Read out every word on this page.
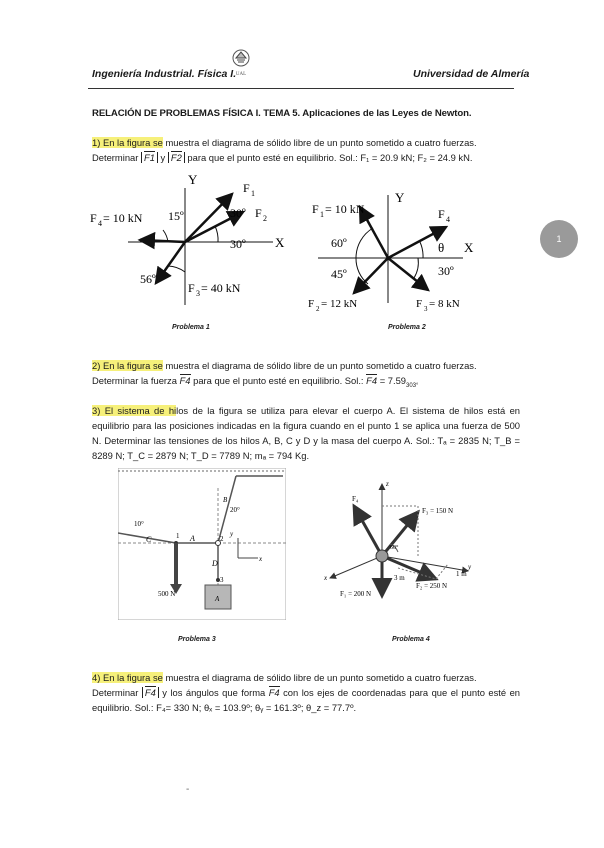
Ingeniería Industrial. Física I. UAL	Universidad de Almería
RELACIÓN DE PROBLEMAS FÍSICA I. TEMA 5. Aplicaciones de las Leyes de Newton.
1
1) En la figura se muestra el diagrama de sólido libre de un punto sometido a cuatro fuerzas.
Determinar F1 y F2 para que el punto esté en equilibrio. Sol.: F₁ = 20.9 kN; F₂ = 24.9 kN.
Y
X
F 1
30º F 2
30º
F 4 = 10 kN 15º
56º
F 3 = 40 kN
Problema 1
Y
X
F 1 = 10 kN	F 4
60º	θ
45º	30º
F 2 = 12 kN	F 3 = 8 kN
Problema 2
2) En la figura se muestra el diagrama de sólido libre de un punto sometido a cuatro fuerzas.
Determinar la fuerza F4 para que el punto esté en equilibrio. Sol.: $F4 = 7.59_{303^\circ}$
3) El sistema de hilos de la figura se utiliza para elevar el cuerpo A. El sistema de hilos está en equilibrio para las posiciones indicadas en la figura cuando en el punto 1 se aplica una fuerza de 500 N. Determinar las tensiones de los hilos A, B, C y D y la masa del cuerpo A. Sol.: Tₐ = 2835 N; T_B = 8289 N; T_C = 2879 N; T_D = 7789 N; mₐ = 794 Kg.
B
20°
10°
C	1 A	2
y
x
D
3
500 N
A
Problema 3
z
x
y
F₄
F₃ = 150 N
60°
3 m	1 m
F₂ = 250 N
F₁ = 200 N
Problema 4
4) En la figura se muestra el diagrama de sólido libre de un punto sometido a cuatro fuerzas.
Determinar F4 y los ángulos que forma F4 con los ejes de coordenadas para que el punto esté en equilibrio. Sol.: F₄= 330 N; θₓ = 103.9º; θᵧ = 161.3º; θ_z = 77.7º.
-
